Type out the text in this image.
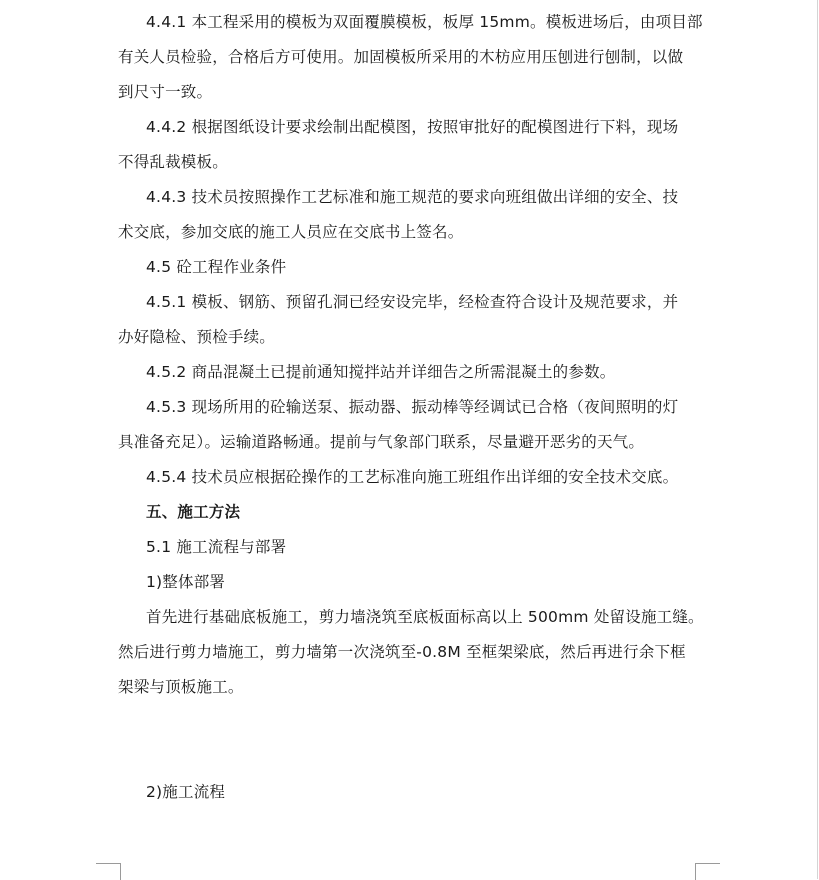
4.4.1 本工程采用的模板为双面覆膜模板，板厚 15mm。模板进场后，由项目部
有关人员检验，合格后方可使用。加固模板所采用的木枋应用压刨进行刨制，以做
到尺寸一致。
4.4.2 根据图纸设计要求绘制出配模图，按照审批好的配模图进行下料，现场
不得乱裁模板。
4.4.3 技术员按照操作工艺标准和施工规范的要求向班组做出详细的安全、技
术交底，参加交底的施工人员应在交底书上签名。
4.5 砼工程作业条件
4.5.1 模板、钢筋、预留孔洞已经安设完毕，经检查符合设计及规范要求，并
办好隐检、预检手续。
4.5.2 商品混凝土已提前通知搅拌站并详细告之所需混凝土的参数。
4.5.3 现场所用的砼输送泵、振动器、振动棒等经调试已合格（夜间照明的灯
具准备充足）。运输道路畅通。提前与气象部门联系，尽量避开恶劣的天气。
4.5.4 技术员应根据砼操作的工艺标准向施工班组作出详细的安全技术交底。
五、施工方法
5.1 施工流程与部署
1)整体部署
首先进行基础底板施工，剪力墙浇筑至底板面标高以上 500mm 处留设施工缝。
然后进行剪力墙施工，剪力墙第一次浇筑至-0.8M 至框架梁底，然后再进行余下框
架梁与顶板施工。
2)施工流程
